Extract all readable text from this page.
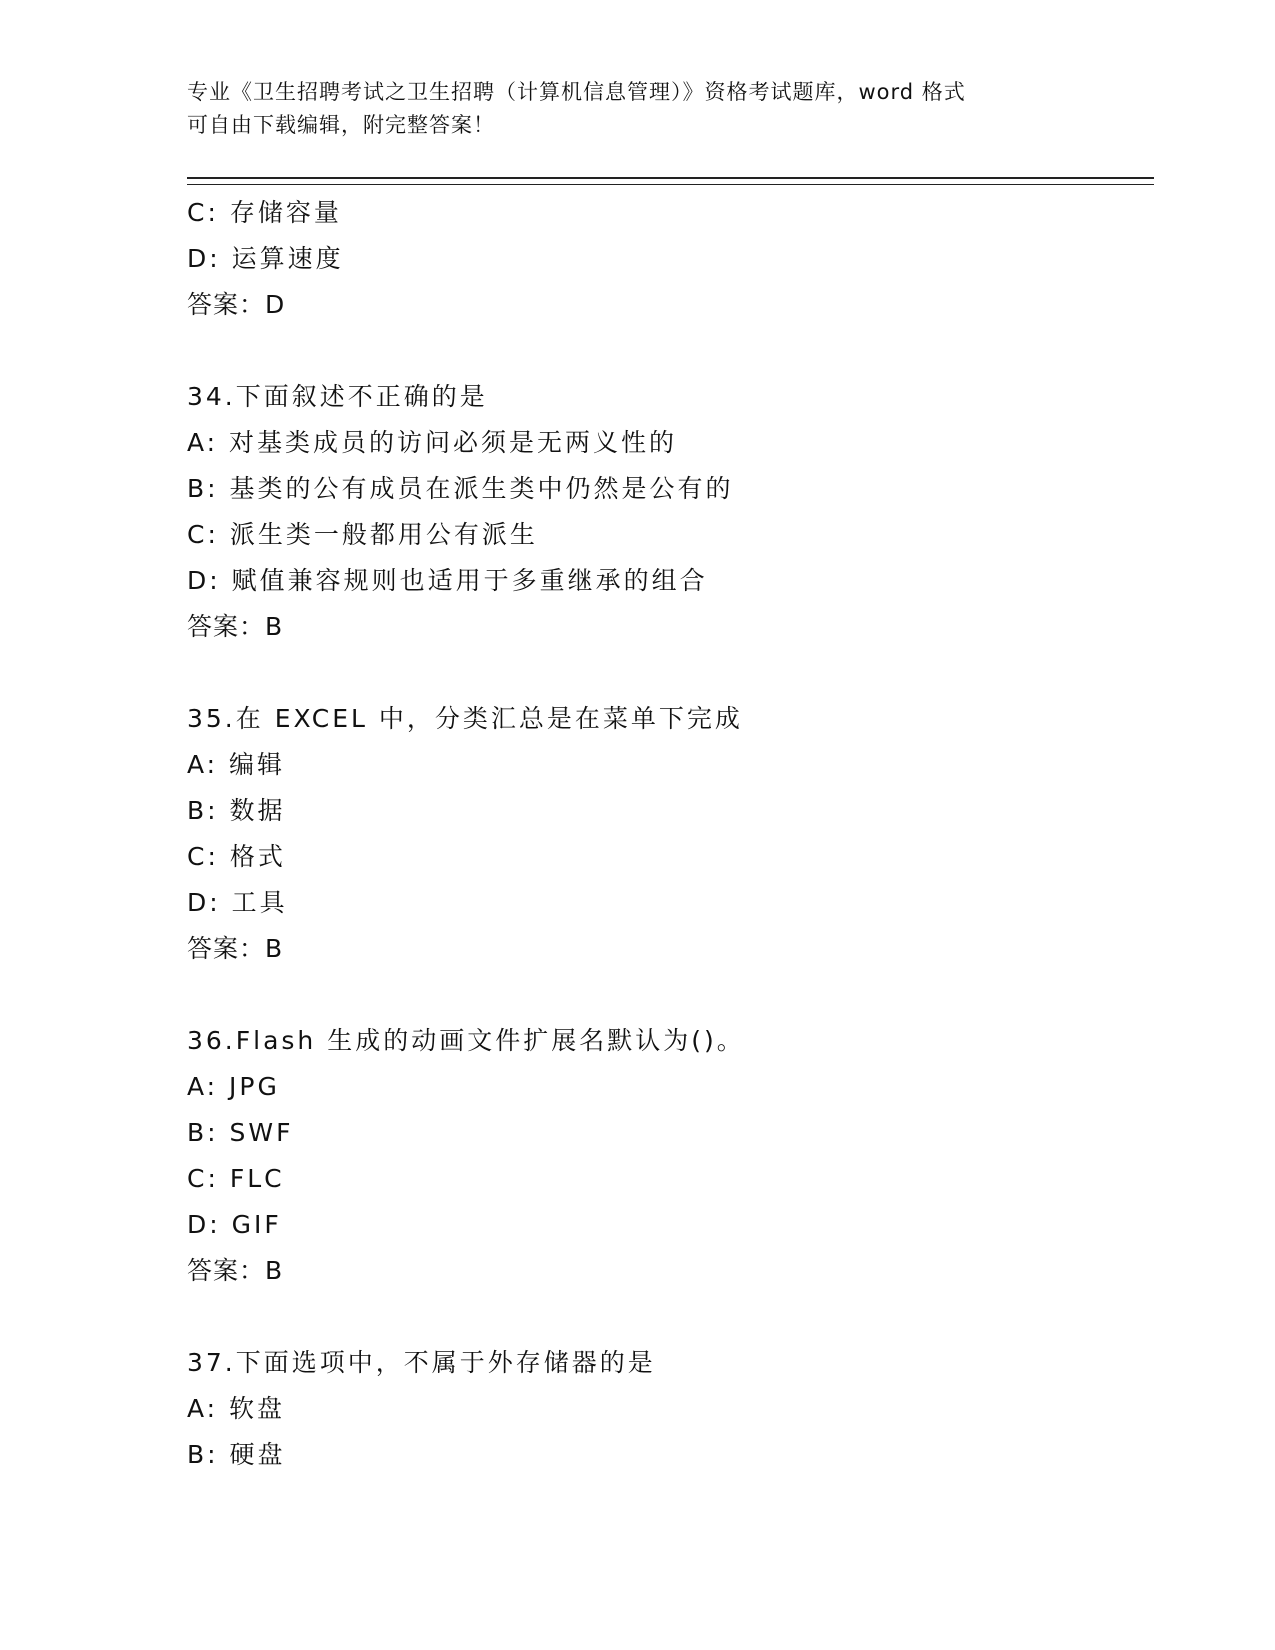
专业《卫生招聘考试之卫生招聘（计算机信息管理）》资格考试题库，word 格式
可自由下载编辑，附完整答案！
C: 存储容量
D: 运算速度
答案：D
34.下面叙述不正确的是
A: 对基类成员的访问必须是无两义性的
B: 基类的公有成员在派生类中仍然是公有的
C: 派生类一般都用公有派生
D: 赋值兼容规则也适用于多重继承的组合
答案：B
35.在 EXCEL 中，分类汇总是在菜单下完成
A: 编辑
B: 数据
C: 格式
D: 工具
答案：B
36.Flash 生成的动画文件扩展名默认为()。
A: JPG
B: SWF
C: FLC
D: GIF
答案：B
37.下面选项中，不属于外存储器的是
A: 软盘
B: 硬盘
